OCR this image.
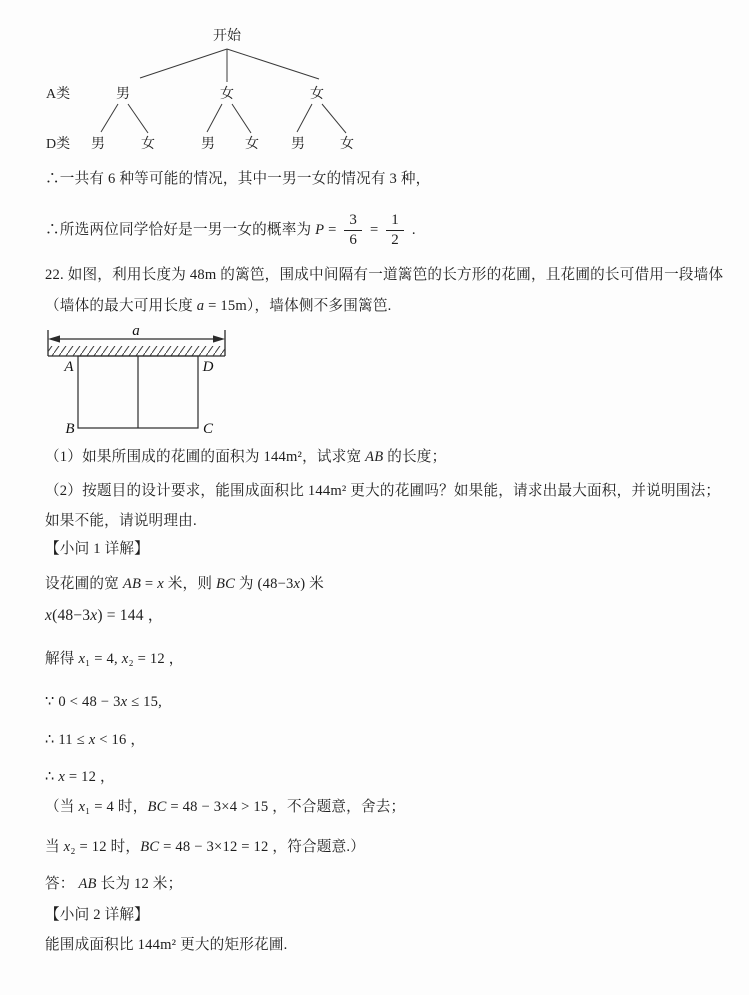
开始
A类	男	女	女
D类 男	女	男 女 男	女
∴一共有 6 种等可能的情况，其中一男一女的情况有 3 种，
∴所选两位同学恰好是一男一女的概率为 $P = \frac{3}{6} = \frac{1}{2}$ .
22. 如图，利用长度为 48m 的篱笆，围成中间隔有一道篱笆的长方形的花圃，且花圃的长可借用一段墙体
（墙体的最大可用长度 a = 15m），墙体侧不多围篱笆.
a
A	D
B	C
（1）如果所围成的花圃的面积为 144m²，试求宽 AB 的长度；
（2）按题目的设计要求，能围成面积比 144m² 更大的花圃吗？如果能，请求出最大面积，并说明围法；
如果不能，请说明理由.
【小问 1 详解】
设花圃的宽 AB = x 米，则 BC 为 (48−3x) 米
x(48−3x) = 144 ，
解得 x₁ = 4, x₂ = 12 ，
∵ 0 < 48 − 3x ≤ 15,
∴ 11 ≤ x < 16 ，
∴ x = 12 ，
（当 x₁ = 4 时，BC = 48 − 3×4 > 15 ，不合题意，舍去；
当 x₂ = 12 时，BC = 48 − 3×12 = 12 ，符合题意.）
答： AB 长为 12 米；
【小问 2 详解】
能围成面积比 144m² 更大的矩形花圃.
